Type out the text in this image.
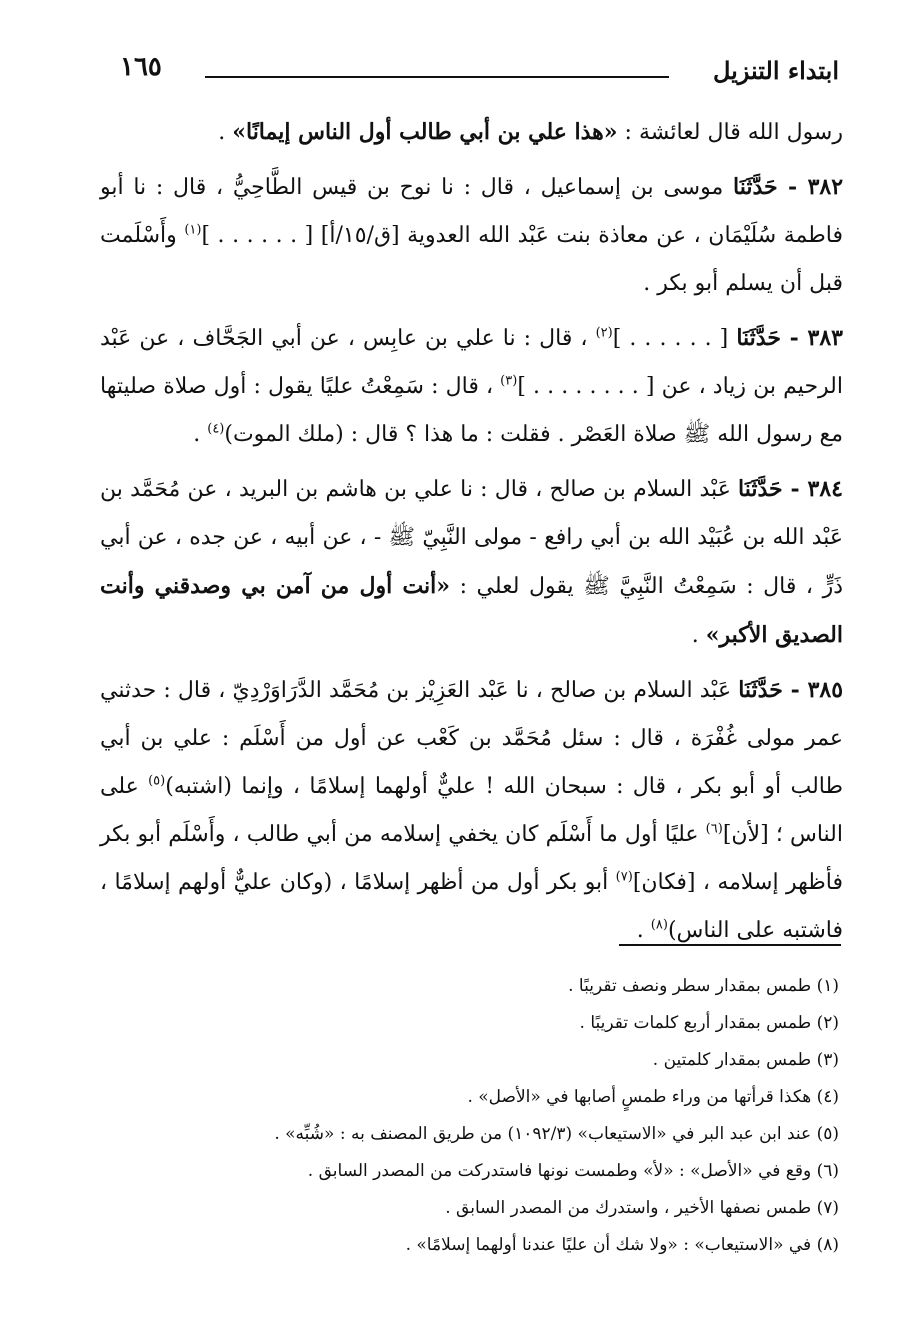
١٦٥	ابتداء التنزيل

رسول الله قال لعائشة : «هذا علي بن أبي طالب أول الناس إيمانًا» .

٣٨٢ - حَدَّثَنَا موسى بن إسماعيل ، قال : نا نوح بن قيس الطَّاحِيُّ ، قال : نا أبو فاطمة سُلَيْمَان ، عن معاذة بنت عَبْد الله العدوية [ق/١٥/أ] [ . . . . . . ]$^{(١)}$ وأَسْلَمت قبل أن يسلم أبو بكر .

٣٨٣ - حَدَّثَنَا [ . . . . . . ]$^{(٢)}$ ، قال : نا علي بن عابِس ، عن أبي الجَحَّاف ، عن عَبْد الرحيم بن زياد ، عن [ . . . . . . . . ]$^{(٣)}$ ، قال : سَمِعْتُ عليًا يقول : أول صلاة صليتها مع رسول الله ﷺ صلاة العَصْر . فقلت : ما هذا ؟ قال : (ملك الموت)$^{(٤)}$ .

٣٨٤ - حَدَّثَنَا عَبْد السلام بن صالح ، قال : نا علي بن هاشم بن البريد ، عن مُحَمَّد بن عَبْد الله بن عُبَيْد الله بن أبي رافع - مولى النَّبِيّ ﷺ - ، عن أبيه ، عن جده ، عن أبي ذَرٍّ ، قال : سَمِعْتُ النَّبِيَّ ﷺ يقول لعلي : «أنت أول من آمن بي وصدقني وأنت الصديق الأكبر» .

٣٨٥ - حَدَّثَنَا عَبْد السلام بن صالح ، نا عَبْد العَزِيْز بن مُحَمَّد الدَّرَاوَرْدِيّ ، قال : حدثني عمر مولى غُفْرَة ، قال : سئل مُحَمَّد بن كَعْب عن أول من أَسْلَم : علي بن أبي طالب أو أبو بكر ، قال : سبحان الله ! عليٌّ أولهما إسلامًا ، وإنما (اشتبه)$^{(٥)}$ على الناس ؛ [لأن]$^{(٦)}$ عليًا أول ما أَسْلَم كان يخفي إسلامه من أبي طالب ، وأَسْلَم أبو بكر فأظهر إسلامه ، [فكان]$^{(٧)}$ أبو بكر أول من أظهر إسلامًا ، (وكان عليٌّ أولهم إسلامًا ، فاشتبه على الناس)$^{(٨)}$ .

(١) طمس بمقدار سطر ونصف تقريبًا .
(٢) طمس بمقدار أربع كلمات تقريبًا .
(٣) طمس بمقدار كلمتين .
(٤) هكذا قرأتها من وراء طمسٍ أصابها في «الأصل» .
(٥) عند ابن عبد البر في «الاستيعاب» (١٠٩٢/٣) من طريق المصنف به : «شُبِّه» .
(٦) وقع في «الأصل» : «لأ» وطمست نونها فاستدركت من المصدر السابق .
(٧) طمس نصفها الأخير ، واستدرك من المصدر السابق .
(٨) في «الاستيعاب» : «ولا شك أن عليًا عندنا أولهما إسلامًا» .
